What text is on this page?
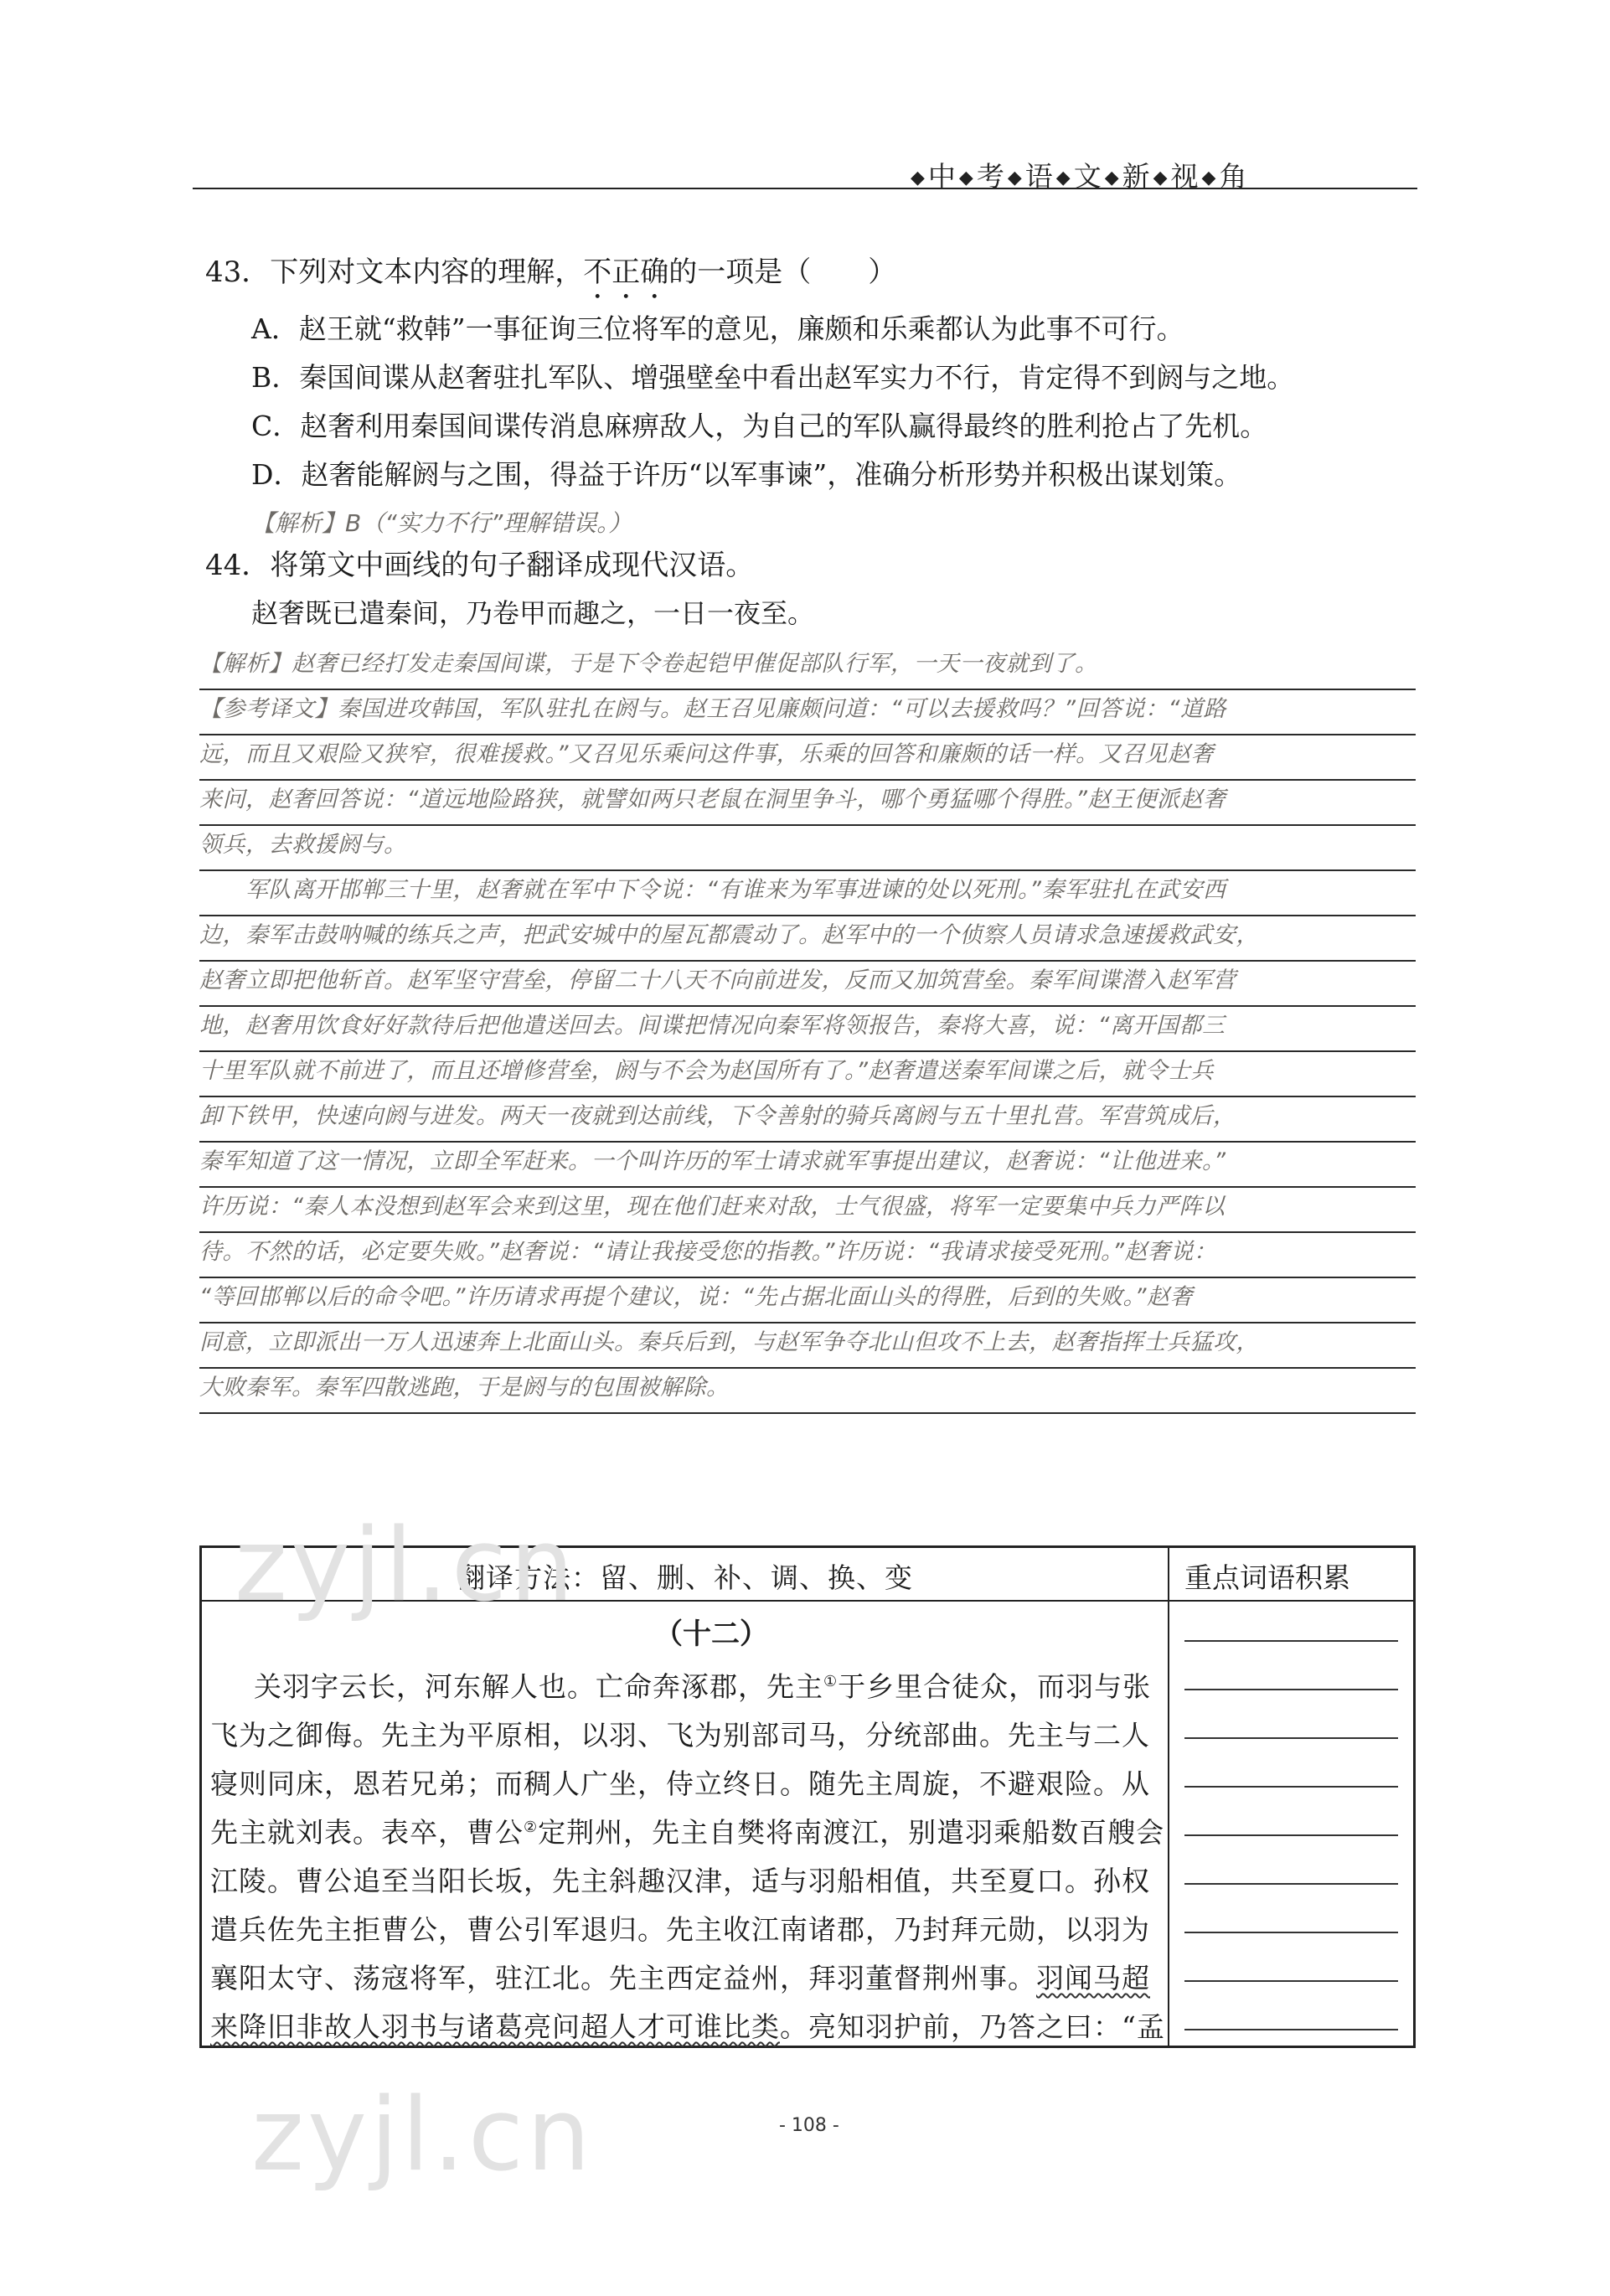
◆中◆考◆语◆文◆新◆视◆角
43．下列对文本内容的理解，不正确的一项是（　　）
A．赵王就“救韩”一事征询三位将军的意见，廉颇和乐乘都认为此事不可行。
B．秦国间谍从赵奢驻扎军队、增强壁垒中看出赵军实力不行，肯定得不到阏与之地。
C．赵奢利用秦国间谍传消息麻痹敌人，为自己的军队赢得最终的胜利抢占了先机。
D．赵奢能解阏与之围，得益于许历“以军事谏”，准确分析形势并积极出谋划策。
【解析】B（“实力不行”理解错误。）
44．将第文中画线的句子翻译成现代汉语。
赵奢既已遣秦间，乃卷甲而趣之，一日一夜至。
【解析】赵奢已经打发走秦国间谍，于是下令卷起铠甲催促部队行军，一天一夜就到了。
【参考译文】秦国进攻韩国，军队驻扎在阏与。赵王召见廉颇问道：“可以去援救吗？”回答说：“道路
远，而且又艰险又狭窄，很难援救。”又召见乐乘问这件事，乐乘的回答和廉颇的话一样。又召见赵奢
来问，赵奢回答说：“道远地险路狭，就譬如两只老鼠在洞里争斗，哪个勇猛哪个得胜。”赵王便派赵奢
领兵，去救援阏与。
　　军队离开邯郸三十里，赵奢就在军中下令说：“有谁来为军事进谏的处以死刑。”秦军驻扎在武安西
边，秦军击鼓呐喊的练兵之声，把武安城中的屋瓦都震动了。赵军中的一个侦察人员请求急速援救武安，
赵奢立即把他斩首。赵军坚守营垒，停留二十八天不向前进发，反而又加筑营垒。秦军间谍潜入赵军营
地，赵奢用饮食好好款待后把他遣送回去。间谍把情况向秦军将领报告，秦将大喜，说：“离开国都三
十里军队就不前进了，而且还增修营垒，阏与不会为赵国所有了。”赵奢遣送秦军间谍之后，就令士兵
卸下铁甲，快速向阏与进发。两天一夜就到达前线，下令善射的骑兵离阏与五十里扎营。军营筑成后，
秦军知道了这一情况，立即全军赶来。一个叫许历的军士请求就军事提出建议，赵奢说：“让他进来。”
许历说：“秦人本没想到赵军会来到这里，现在他们赶来对敌，士气很盛，将军一定要集中兵力严阵以
待。不然的话，必定要失败。”赵奢说：“请让我接受您的指教。”许历说：“我请求接受死刑。”赵奢说：
“等回邯郸以后的命令吧。”许历请求再提个建议，说：“先占据北面山头的得胜，后到的失败。”赵奢
同意，立即派出一万人迅速奔上北面山头。秦兵后到，与赵军争夺北山但攻不上去，赵奢指挥士兵猛攻，
大败秦军。秦军四散逃跑，于是阏与的包围被解除。
翻译方法：留、删、补、调、换、变	重点词语积累
（十二）
关羽字云长，河东解人也。亡命奔涿郡，先主①于乡里合徒众，而羽与张
飞为之御侮。先主为平原相，以羽、飞为别部司马，分统部曲。先主与二人
寝则同床，恩若兄弟；而稠人广坐，侍立终日。随先主周旋，不避艰险。从
先主就刘表。表卒，曹公②定荆州，先主自樊将南渡江，别遣羽乘船数百艘会
江陵。曹公追至当阳长坂，先主斜趣汉津，适与羽船相值，共至夏口。孙权
遣兵佐先主拒曹公，曹公引军退归。先主收江南诸郡，乃封拜元勋，以羽为
襄阳太守、荡寇将军，驻江北。先主西定益州，拜羽董督荆州事。羽闻马超
来降旧非故人羽书与诸葛亮问超人才可谁比类。亮知羽护前，乃答之曰：“孟
zyjl.cn
zyjl.cn	- 108 -
